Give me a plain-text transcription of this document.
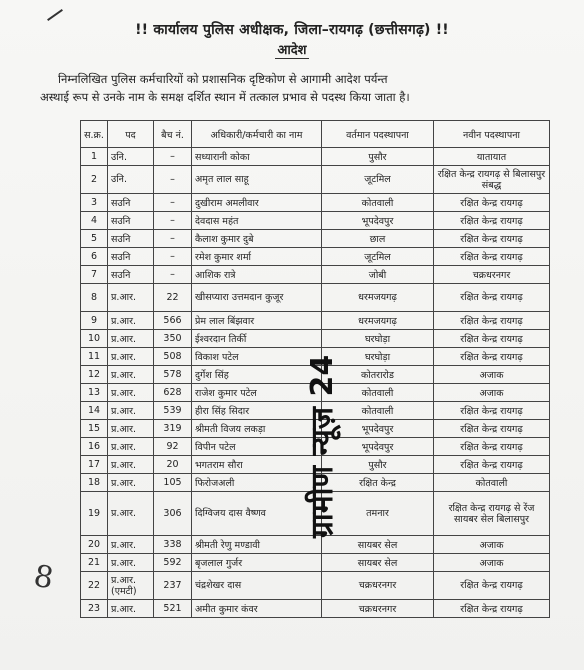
!! कार्यालय पुलिस अधीक्षक, जिला–रायगढ़ (छत्तीसगढ़) !!
आदेश
निम्नलिखित पुलिस कर्मचारियों को प्रशासनिक दृष्टिकोण से आगामी आदेश पर्यन्त
अस्थाई रूप से उनके नाम के समक्ष दर्शित स्थान में तत्काल प्रभाव से पदस्थ किया जाता है।
स.क्र.	पद	बैच नं.	अधिकारी/कर्मचारी का नाम	वर्तमान पदस्थापना	नवीन पदस्थापना
1	उनि.	–	सध्यारानी कोका	पुसौर	यातायात
2	उनि.	–	अमृत लाल साहू	जूटमिल	रक्षित केन्द्र रायगढ़ से बिलासपुर संबद्ध
3	सउनि	–	दुखीराम अमलीवार	कोतवाली	रक्षित केन्द्र रायगढ़
4	सउनि	–	देवदास महंत	भूपदेवपुर	रक्षित केन्द्र रायगढ़
5	सउनि	–	कैलाश कुमार दुबे	छाल	रक्षित केन्द्र रायगढ़
6	सउनि	–	रमेश कुमार शर्मा	जूटमिल	रक्षित केन्द्र रायगढ़
7	सउनि	–	आशिक रात्रे	जोबी	चक्रधरनगर
8	प्र.आर.	22	खीसप्यारा उत्तमदान कुजूर	धरमजयगढ़	रक्षित केन्द्र रायगढ़
9	प्र.आर.	566	प्रेम लाल बिंझवार	धरमजयगढ़	रक्षित केन्द्र रायगढ़
10	प्र.आर.	350	ईश्वरदान तिर्की	घरघोड़ा	रक्षित केन्द्र रायगढ़
11	प्र.आर.	508	विकाश पटेल	घरघोड़ा	रक्षित केन्द्र रायगढ़
12	प्र.आर.	578	दुर्गेश सिंह	कोतरारोड	अजाक
13	प्र.आर.	628	राजेश कुमार पटेल	कोतवाली	अजाक
14	प्र.आर.	539	हीरा सिंह सिदार	कोतवाली	रक्षित केन्द्र रायगढ़
15	प्र.आर.	319	श्रीमती विजय लकड़ा	भूपदेवपुर	रक्षित केन्द्र रायगढ़
16	प्र.आर.	92	विपीन पटेल	भूपदेवपुर	रक्षित केन्द्र रायगढ़
17	प्र.आर.	20	भगतराम सौरा	पुसौर	रक्षित केन्द्र रायगढ़
18	प्र.आर.	105	फिरोजअली	रक्षित केन्द्र	कोतवाली
19	प्र.आर.	306	दिग्विजय दास वैष्णव	तमनार	रक्षित केन्द्र रायगढ़ से रेंज सायबर सेल बिलासपुर
20	प्र.आर.	338	श्रीमती रेणु मण्डावी	सायबर सेल	अजाक
21	प्र.आर.	592	बृजलाल गुर्जर	सायबर सेल	अजाक
22	प्र.आर. (एमटी)	237	चंद्रशेखर दास	चक्रधरनगर	रक्षित केन्द्र रायगढ़
23	प्र.आर.	521	अमीत कुमार कंवर	चक्रधरनगर	रक्षित केन्द्र रायगढ़
ग्रामीण न्यूज़ 24
8
